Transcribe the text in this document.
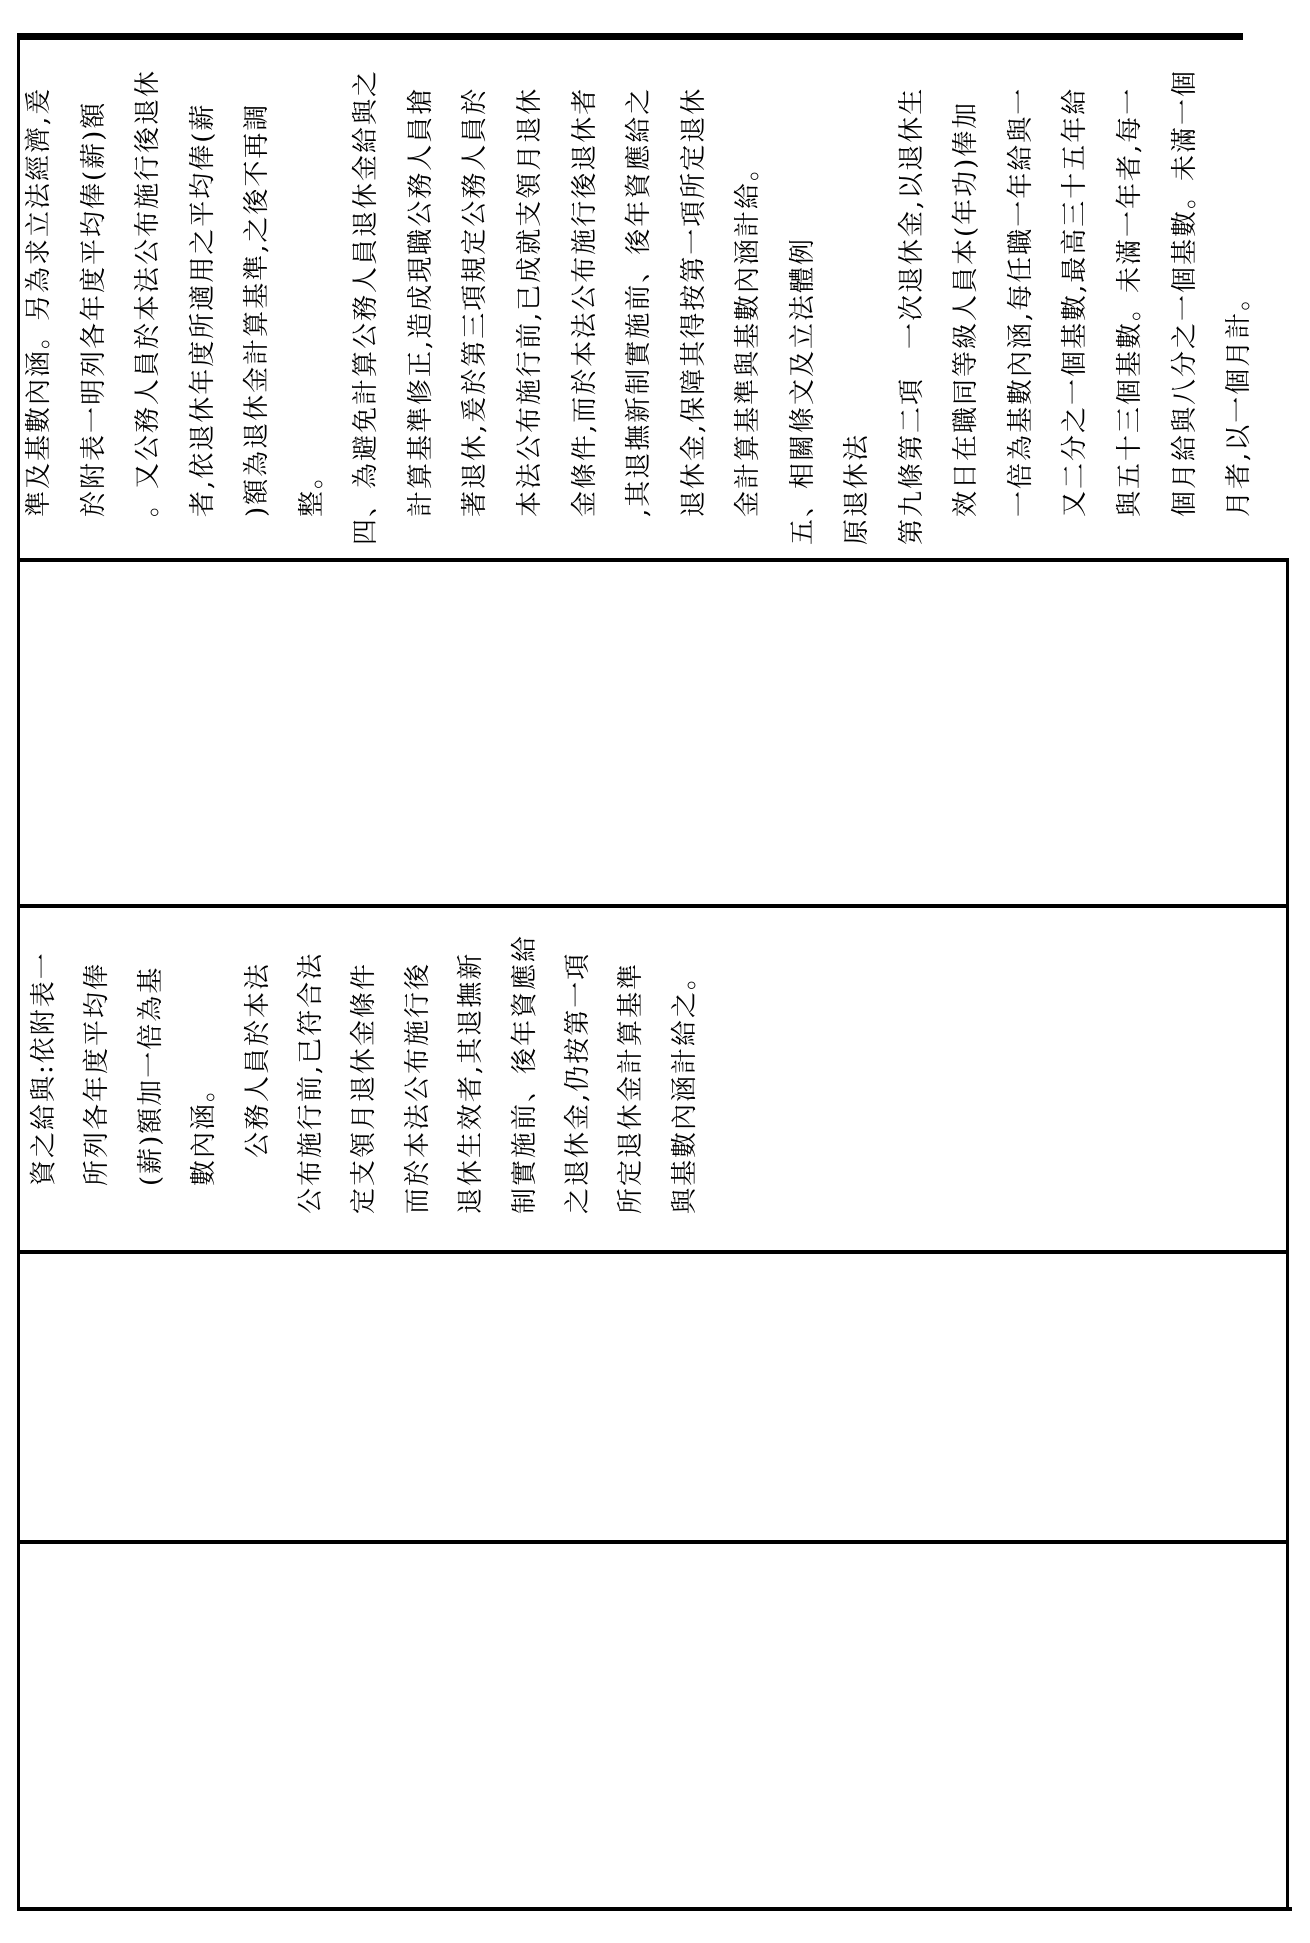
資之給與:依附表一 所列各年度平均俸 (薪)額加一倍為基 數內涵。 公務人員於本法 公布施行前,已符合法 定支領月退休金條件 而於本法公布施行後 退休生效者,其退撫新 制實施前、後年資應給 之退休金,仍按第一項 所定退休金計算基準 與基數內涵計給之。
準及基數內涵。另為求立法經濟,爰 於附表一明列各年度平均俸(薪)額 。又公務人員於本法公布施行後退休 者,依退休年度所適用之平均俸(薪 )額為退休金計算基準,之後不再調 整。 四、為避免計算公務人員退休金給與之 計算基準修正,造成現職公務人員搶 著退休,爰於第三項規定公務人員於 本法公布施行前,已成就支領月退休 金條件,而於本法公布施行後退休者 ,其退撫新制實施前、後年資應給之 退休金,保障其得按第一項所定退休 金計算基準與基數內涵計給。 五、相關條文及立法體例 原退休法 第九條第二項　一次退休金,以退休生 效日在職同等級人員本(年功)俸加 一倍為基數內涵,每任職一年給與一 又二分之一個基數,最高三十五年給 與五十三個基數。未滿一年者,每一 個月給與八分之一個基數。未滿一個 月者,以一個月計。
